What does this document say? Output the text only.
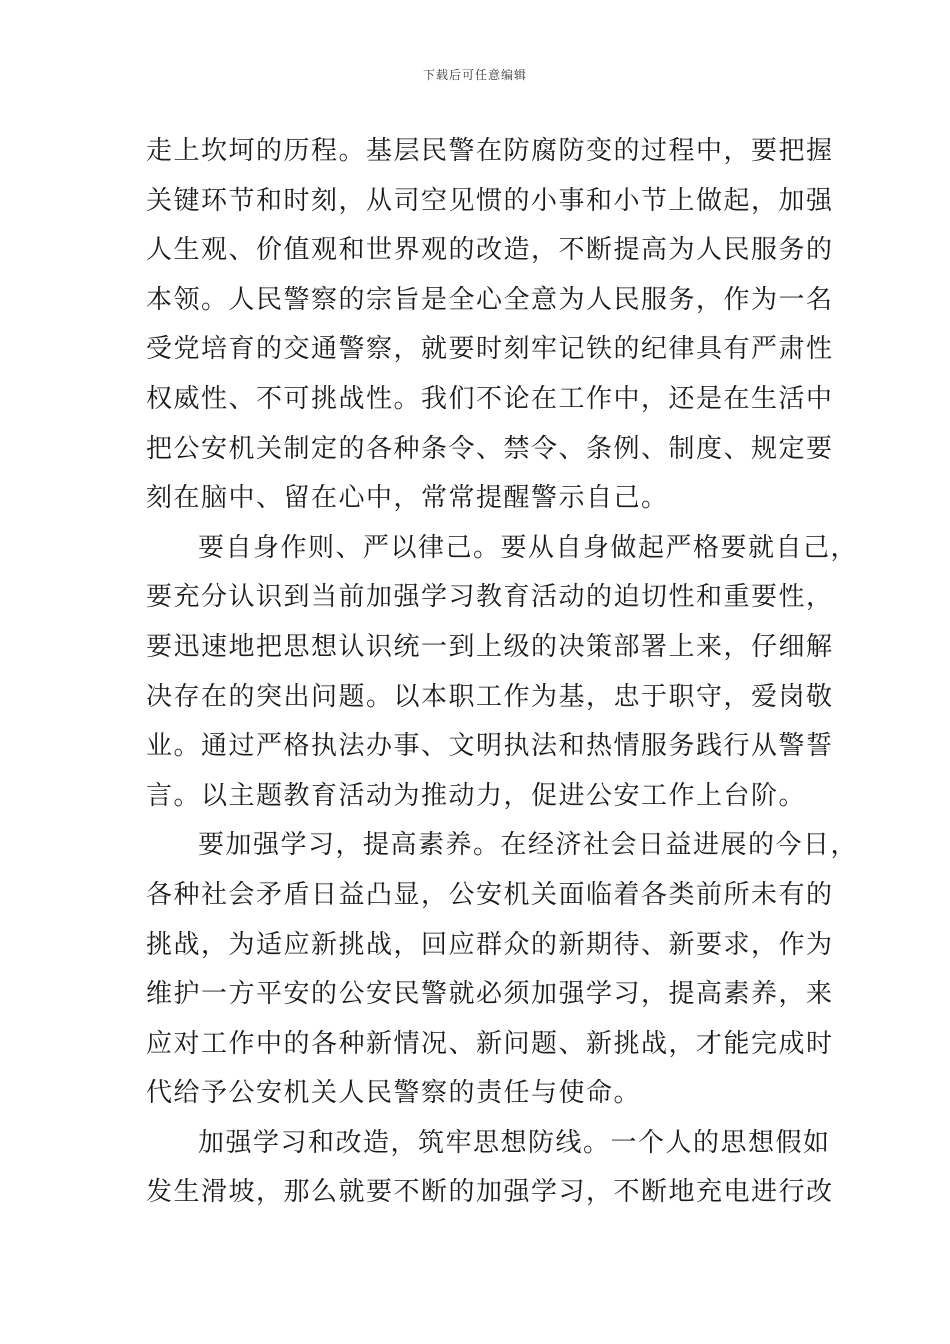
下载后可任意编辑
走上坎坷的历程。基层民警在防腐防变的过程中，要把握
关键环节和时刻，从司空见惯的小事和小节上做起，加强
人生观、价值观和世界观的改造，不断提高为人民服务的
本领。人民警察的宗旨是全心全意为人民服务，作为一名
受党培育的交通警察，就要时刻牢记铁的纪律具有严肃性
权威性、不可挑战性。我们不论在工作中，还是在生活中
把公安机关制定的各种条令、禁令、条例、制度、规定要
刻在脑中、留在心中，常常提醒警示自己。
要自身作则、严以律己。要从自身做起严格要就自己，
要充分认识到当前加强学习教育活动的迫切性和重要性，
要迅速地把思想认识统一到上级的决策部署上来，仔细解
决存在的突出问题。以本职工作为基，忠于职守，爱岗敬
业。通过严格执法办事、文明执法和热情服务践行从警誓
言。以主题教育活动为推动力，促进公安工作上台阶。
要加强学习，提高素养。在经济社会日益进展的今日，
各种社会矛盾日益凸显，公安机关面临着各类前所未有的
挑战，为适应新挑战，回应群众的新期待、新要求，作为
维护一方平安的公安民警就必须加强学习，提高素养，来
应对工作中的各种新情况、新问题、新挑战，才能完成时
代给予公安机关人民警察的责任与使命。
加强学习和改造，筑牢思想防线。一个人的思想假如
发生滑坡，那么就要不断的加强学习，不断地充电进行改
